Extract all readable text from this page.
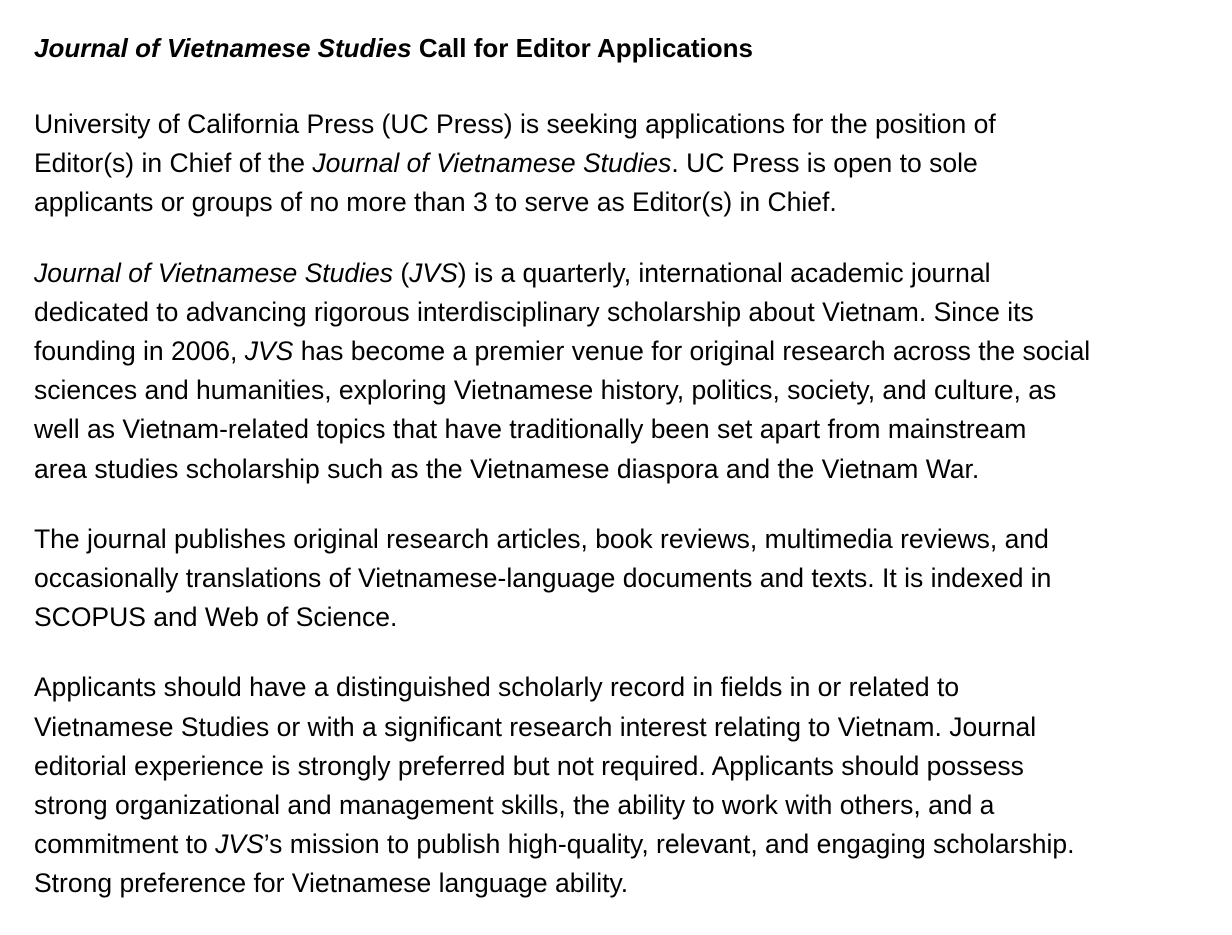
Journal of Vietnamese Studies Call for Editor Applications
University of California Press (UC Press) is seeking applications for the position of
Editor(s) in Chief of the Journal of Vietnamese Studies. UC Press is open to sole
applicants or groups of no more than 3 to serve as Editor(s) in Chief.
Journal of Vietnamese Studies (JVS) is a quarterly, international academic journal
dedicated to advancing rigorous interdisciplinary scholarship about Vietnam. Since its
founding in 2006, JVS has become a premier venue for original research across the social
sciences and humanities, exploring Vietnamese history, politics, society, and culture, as
well as Vietnam-related topics that have traditionally been set apart from mainstream
area studies scholarship such as the Vietnamese diaspora and the Vietnam War.
The journal publishes original research articles, book reviews, multimedia reviews, and
occasionally translations of Vietnamese-language documents and texts. It is indexed in
SCOPUS and Web of Science.
Applicants should have a distinguished scholarly record in fields in or related to
Vietnamese Studies or with a significant research interest relating to Vietnam. Journal
editorial experience is strongly preferred but not required. Applicants should possess
strong organizational and management skills, the ability to work with others, and a
commitment to JVS’s mission to publish high-quality, relevant, and engaging scholarship.
Strong preference for Vietnamese language ability.
